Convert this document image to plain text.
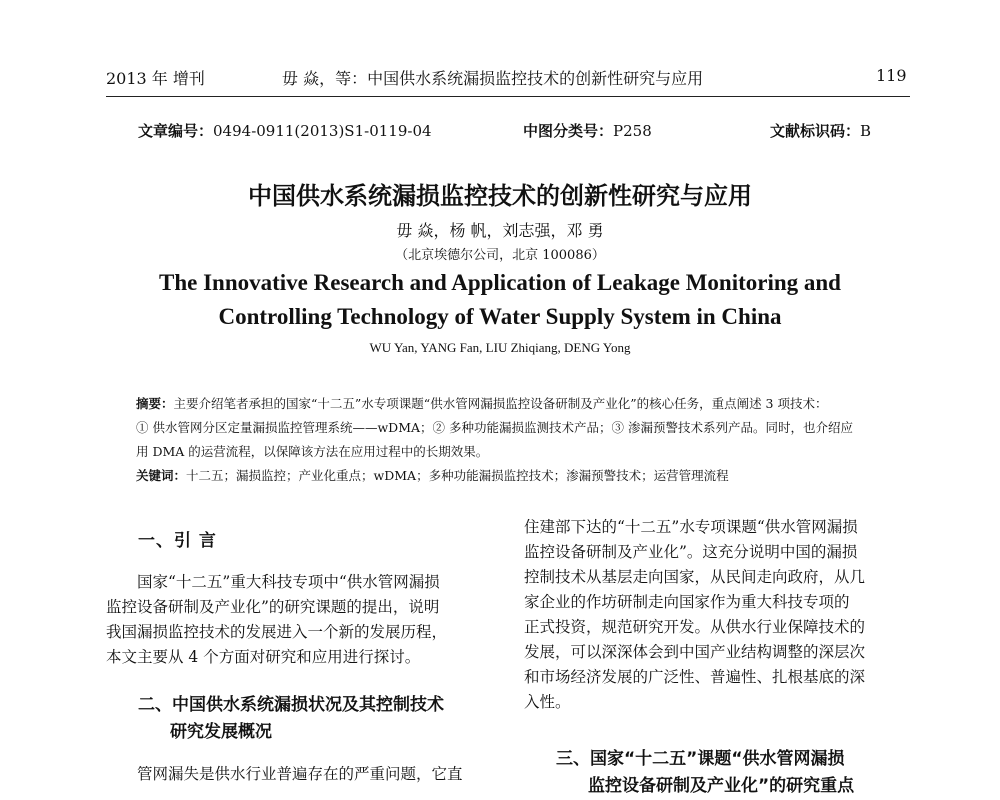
2013 年 增刊	毋 焱，等：中国供水系统漏损监控技术的创新性研究与应用	119
文章编号：0494-0911(2013)S1-0119-04	中图分类号：P258	文献标识码：B
中国供水系统漏损监控技术的创新性研究与应用
毋 焱，杨 帆，刘志强，邓 勇
（北京埃德尔公司，北京 100086）
The Innovative Research and Application of Leakage Monitoring and
Controlling Technology of Water Supply System in China
WU Yan, YANG Fan, LIU Zhiqiang, DENG Yong

摘要：主要介绍笔者承担的国家“十二五”水专项课题“供水管网漏损监控设备研制及产业化”的核心任务，重点阐述 3 项技术：

① 供水管网分区定量漏损监控管理系统——wDMA；② 多种功能漏损监测技术产品；③ 渗漏预警技术系列产品。同时，也介绍应

用 DMA 的运营流程，以保障该方法在应用过程中的长期效果。

关键词：十二五；漏损监控；产业化重点；wDMA；多种功能漏损监控技术；渗漏预警技术；运营管理流程

一、引 言

国家“十二五”重大科技专项中“供水管网漏损

监控设备研制及产业化”的研究课题的提出，说明

我国漏损监控技术的发展进入一个新的发展历程，

本文主要从 4 个方面对研究和应用进行探讨。

二、中国供水系统漏损状况及其控制技术
研究发展概况
管网漏失是供水行业普遍存在的严重问题，它直

住建部下达的“十二五”水专项课题“供水管网漏损

监控设备研制及产业化”。这充分说明中国的漏损

控制技术从基层走向国家，从民间走向政府，从几

家企业的作坊研制走向国家作为重大科技专项的

正式投资，规范研究开发。从供水行业保障技术的

发展，可以深深体会到中国产业结构调整的深层次

和市场经济发展的广泛性、普遍性、扎根基底的深

入性。

三、国家“十二五”课题“供水管网漏损
监控设备研制及产业化”的研究重点
